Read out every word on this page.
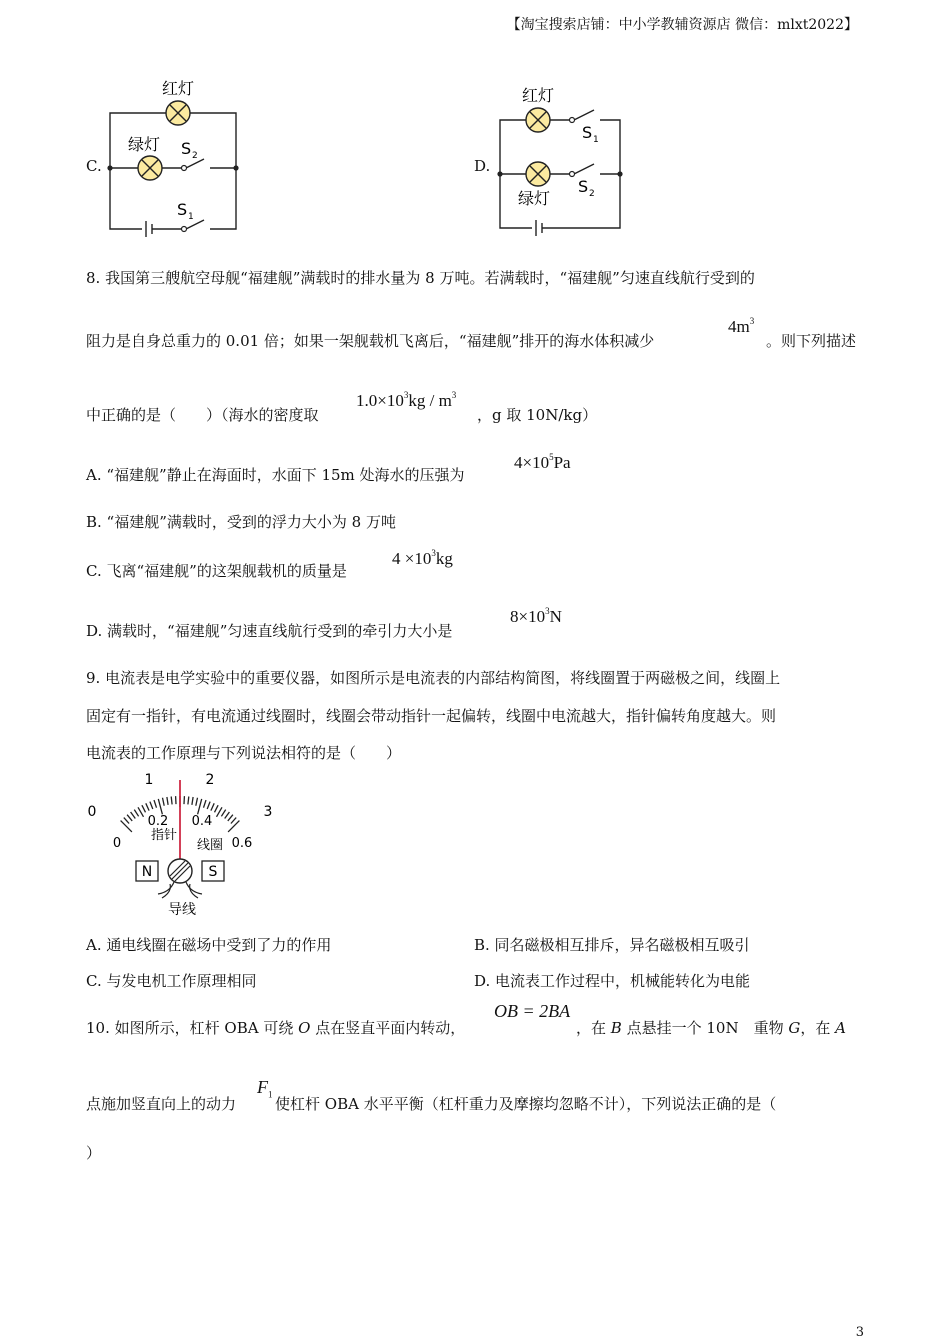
【淘宝搜索店铺：中小学教辅资源店 微信：mlxt2022】
C.
红灯
绿灯 S 2
S 1
D.
红灯
绿灯
S 1
S 2
8. 我国第三艘航空母舰“福建舰”满载时的排水量为 8 万吨。若满载时，“福建舰”匀速直线航行受到的
阻力是自身总重力的 0.01 倍；如果一架舰载机飞离后，“福建舰”排开的海水体积减少
$4m^3$
。则下列描述
中正确的是（　　）（海水的密度取
$1.0\times 10^3kg / m^3$
，g 取 10N/kg）
A. “福建舰”静止在海面时，水面下 15m 处海水的压强为
$4\times 10^5Pa$
B. “福建舰”满载时，受到的浮力大小为 8 万吨
C. 飞离“福建舰”的这架舰载机的质量是
$4 \times 10^3kg$
D. 满载时，“福建舰”匀速直线航行受到的牵引力大小是
$8\times 10^3N$
9. 电流表是电学实验中的重要仪器，如图所示是电流表的内部结构简图，将线圈置于两磁极之间，线圈上
固定有一指针，有电流通过线圈时，线圈会带动指针一起偏转，线圈中电流越大，指针偏转角度越大。则
电流表的工作原理与下列说法相符的是（　　）
1	2
0	3
0
0.2 0.4
0.6
指针
线圈
N	S
导线
A. 通电线圈在磁场中受到了力的作用	B. 同名磁极相互排斥，异名磁极相互吸引
C. 与发电机工作原理相同	D. 电流表工作过程中，机械能转化为电能
10. 如图所示，杠杆 OBA 可绕 O 点在竖直平面内转动，
OB = 2BA
，在 B 点悬挂一个 10N　重物 G，在 A
点施加竖直向上的动力
$F_1$
使杠杆 OBA 水平平衡（杠杆重力及摩擦均忽略不计），下列说法正确的是（
）
3
